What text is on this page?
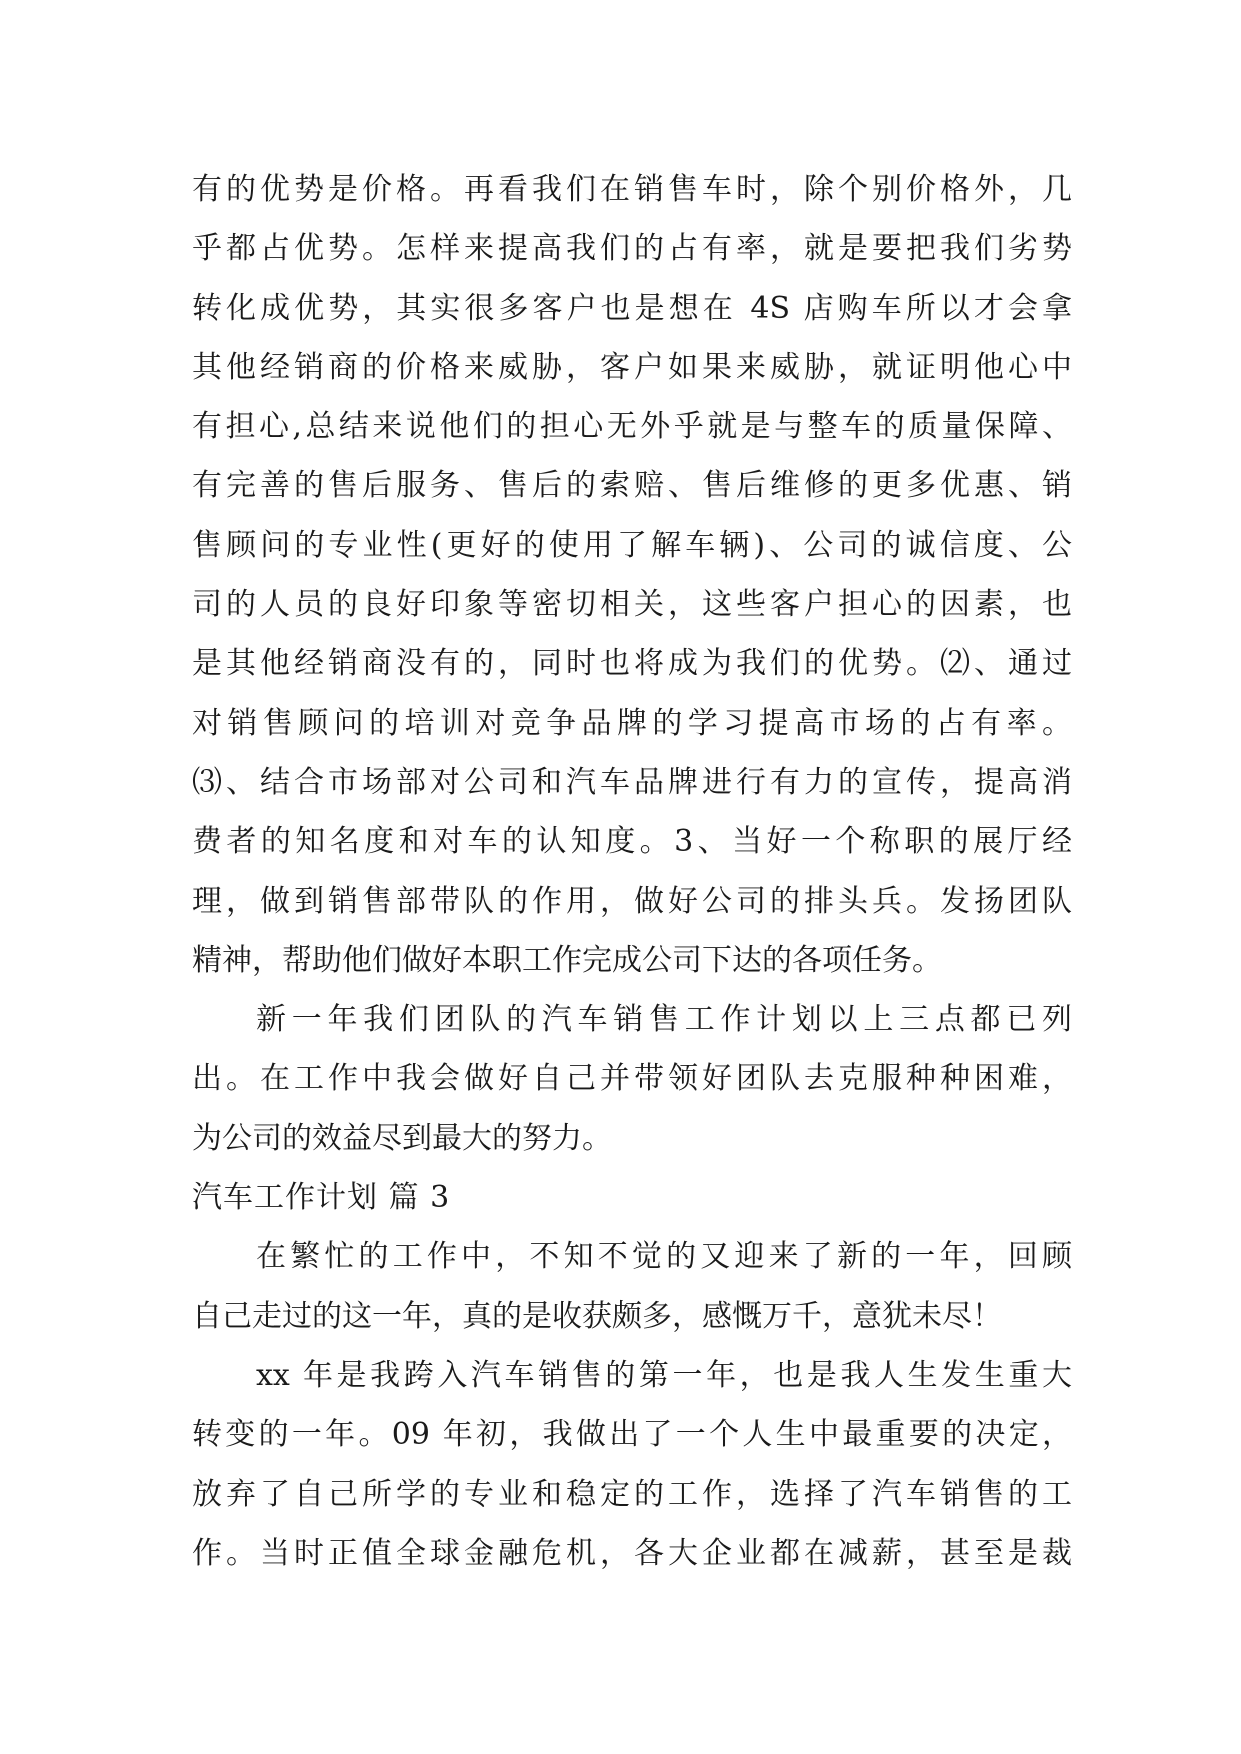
有的优势是价格。再看我们在销售车时，除个别价格外，几
乎都占优势。怎样来提高我们的占有率，就是要把我们劣势
转化成优势，其实很多客户也是想在 4S 店购车所以才会拿
其他经销商的价格来威胁，客户如果来威胁，就证明他心中
有担心,总结来说他们的担心无外乎就是与整车的质量保障、
有完善的售后服务、售后的索赔、售后维修的更多优惠、销
售顾问的专业性(更好的使用了解车辆)、公司的诚信度、公
司的人员的良好印象等密切相关，这些客户担心的因素，也
是其他经销商没有的，同时也将成为我们的优势。⑵、通过
对销售顾问的培训对竞争品牌的学习提高市场的占有率。
⑶、结合市场部对公司和汽车品牌进行有力的宣传，提高消
费者的知名度和对车的认知度。3、当好一个称职的展厅经
理，做到销售部带队的作用，做好公司的排头兵。发扬团队
精神，帮助他们做好本职工作完成公司下达的各项任务。
新一年我们团队的汽车销售工作计划以上三点都已列
出。在工作中我会做好自己并带领好团队去克服种种困难，
为公司的效益尽到最大的努力。
汽车工作计划 篇 3
在繁忙的工作中，不知不觉的又迎来了新的一年，回顾
自己走过的这一年，真的是收获颇多，感慨万千，意犹未尽！
xx 年是我跨入汽车销售的第一年，也是我人生发生重大
转变的一年。09 年初，我做出了一个人生中最重要的决定，
放弃了自己所学的专业和稳定的工作，选择了汽车销售的工
作。当时正值全球金融危机，各大企业都在减薪，甚至是裁
